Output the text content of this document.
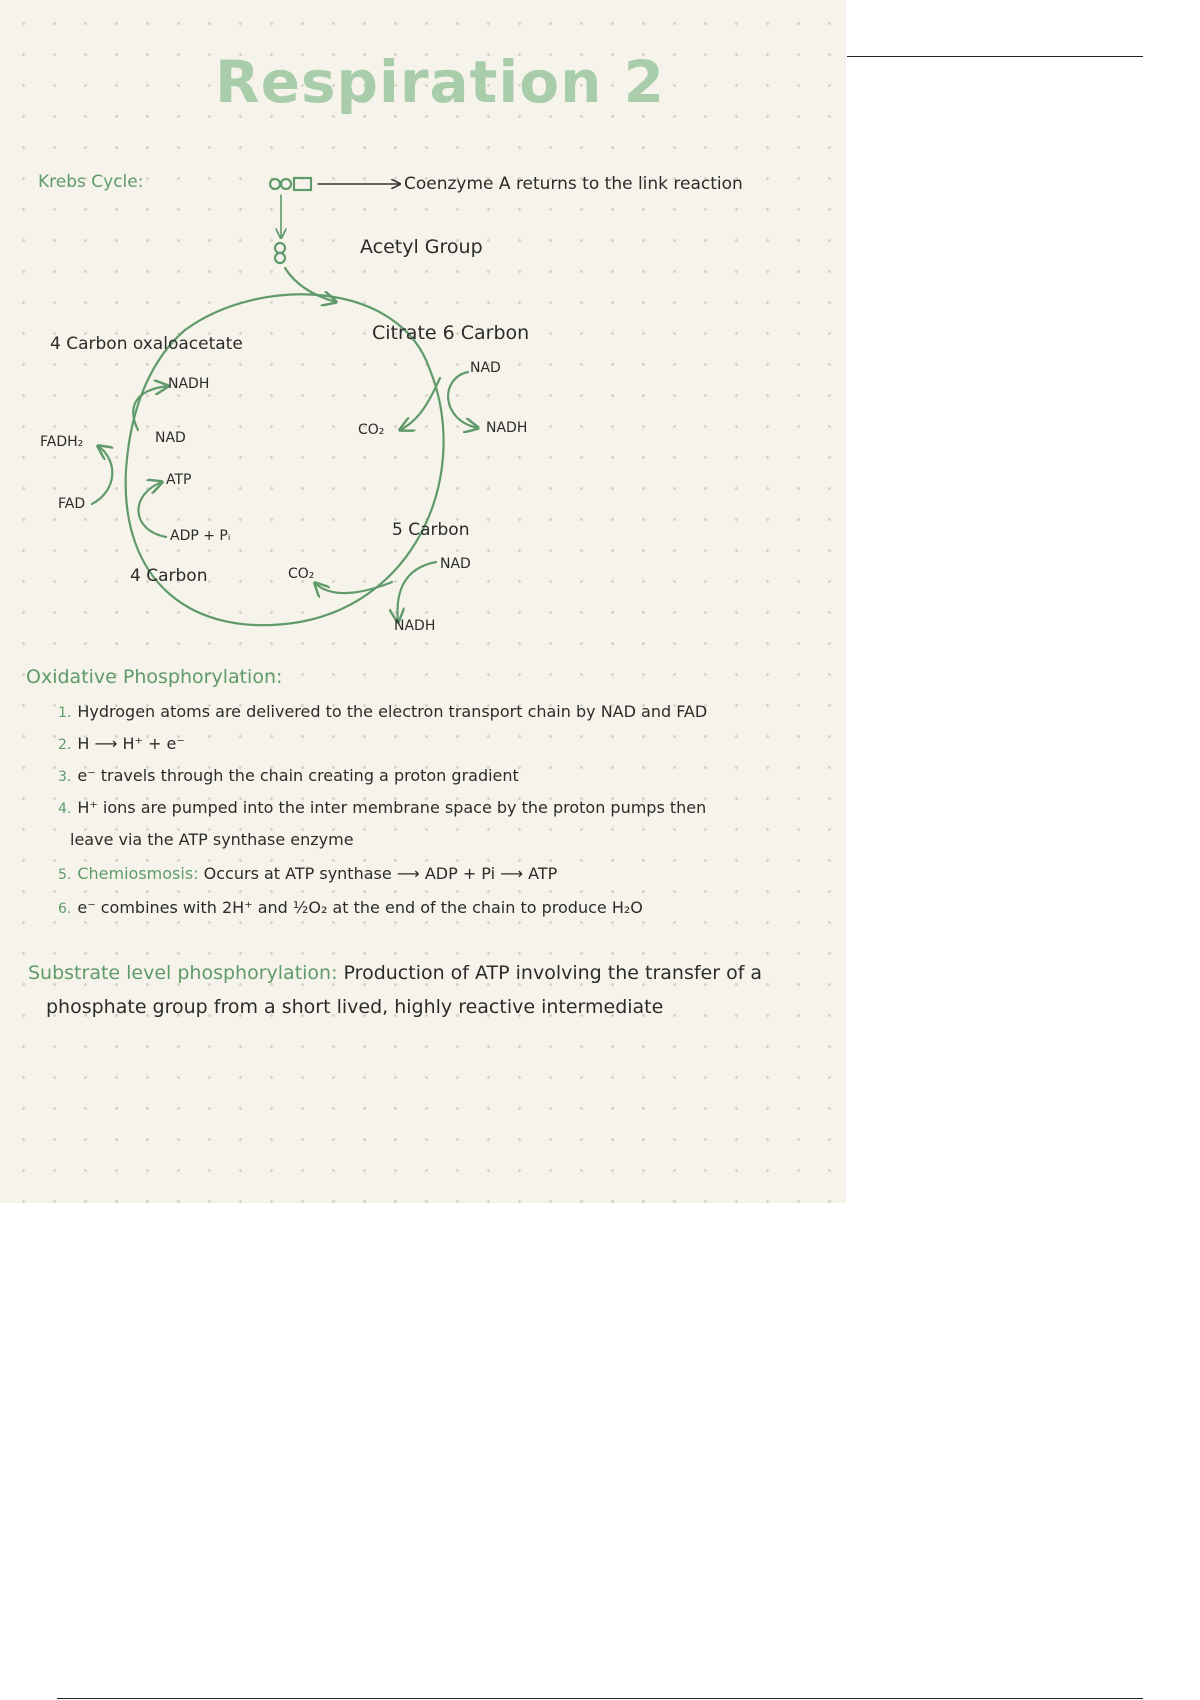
Respiration 2
Krebs Cycle:	Coenzyme A returns to the link reaction
Acetyl Group
Citrate 6 Carbon
4 Carbon oxaloacetate
NAD
NADH
CO₂
NADH
NAD
FADH₂
FAD
ATP
ADP + Pᵢ	5 Carbon
NAD
4 Carbon	CO₂
NADH
Oxidative Phosphorylation:
1. Hydrogen atoms are delivered to the electron transport chain by NAD and FAD
2. H ⟶ H⁺ + e⁻
3. e⁻ travels through the chain creating a proton gradient
4. H⁺ ions are pumped into the inter membrane space by the proton pumps then
leave via the ATP synthase enzyme
5. Chemiosmosis: Occurs at ATP synthase ⟶ ADP + Pi ⟶ ATP
6. e⁻ combines with 2H⁺ and ½O₂ at the end of the chain to produce H₂O
Substrate level phosphorylation: Production of ATP involving the transfer of a
phosphate group from a short lived, highly reactive intermediate
